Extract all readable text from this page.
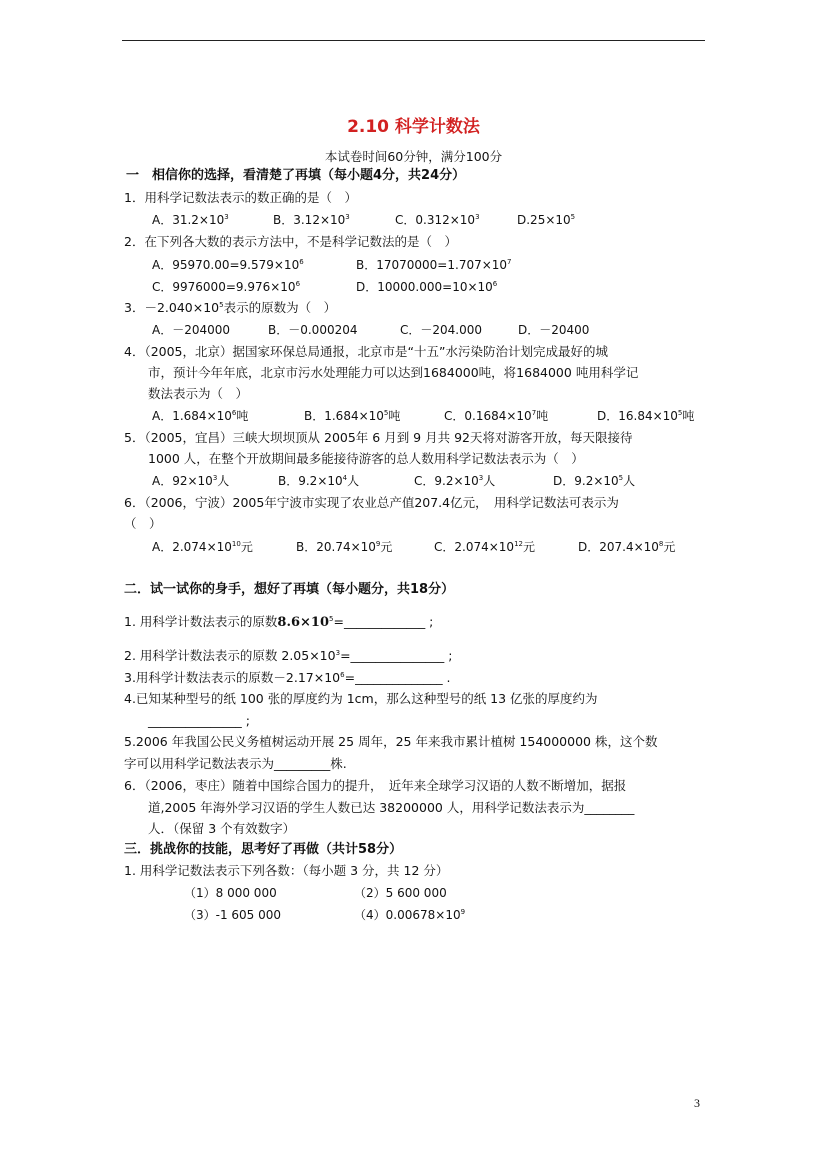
2.10 科学计数法
本试卷时间60分钟，满分100分
一　相信你的选择，看清楚了再填（每小题4分，共24分）
1．用科学记数法表示的数正确的是（　）
A．$31.2\times 10^3$	B．$3.12\times 10^3$	C．$0.312\times 10^3$	$D.25\times 10^5$
2．在下列各大数的表示方法中，不是科学记数法的是（　）
A．$95970.00=9.579\times 10^6$	B．$17070000=1.707\times 10^7$
C．$9976000=9.976\times 10^6$	D．$10000.000=10\times 10^6$
3．$-2.040\times 10^5$表示的原数为（　）
A．－204000	B．－0.000204	C．－204.000	D．－20400
4．（2005，北京）据国家环保总局通报，北京市是“十五”水污染防治计划完成最好的城
市，预计今年年底，北京市污水处理能力可以达到1684000吨，将1684000 吨用科学记
数法表示为（　）
A．$1.684\times 10^6$吨	B．$1.684\times 10^5$吨	C．$0.1684\times 10^7$吨	D．$16.84\times 10^5$吨
5．（2005，宜昌）三峡大坝坝顶从 2005年 6 月到 9 月共 92天将对游客开放，每天限接待
1000 人，在整个开放期间最多能接待游客的总人数用科学记数法表示为（　）
A．$92\times 10^3$人	B．$9.2\times 10^4$人	C．$9.2\times 10^3$人	D．$9.2\times 10^5$人
6．（2006，宁波）2005年宁波市实现了农业总产值207.4亿元，　用科学记数法可表示为
（　）
A．$2.074\times 10^{10}$元	B．$20.74\times 10^9$元	C．$2.074\times 10^{12}$元	D．$207.4\times 10^8$元
二．试一试你的身手，想好了再填（每小题分，共18分）
1. 用科学计数法表示的原数$8.6\times 10^5=\_\_\_\_\_\_\_\_\_\_\_\_\_$ ;
2. 用科学计数法表示的原数 $2.05\times 10^3=\_\_\_\_\_\_\_\_\_\_\_\_\_\_\_$ ;
3.用科学计数法表示的原数$-2.17\times 10^6=\_\_\_\_\_\_\_\_\_\_\_\_\_\_$ .
4.已知某种型号的纸 100 张的厚度约为 1cm，那么这种型号的纸 13 亿张的厚度约为
_______________ ;
5.2006 年我国公民义务植树运动开展 25 周年，25 年来我市累计植树 154000000 株，这个数
字可以用科学记数法表示为_________株.
6．（2006，枣庄）随着中国综合国力的提升，　近年来全球学习汉语的人数不断增加，据报
道,2005 年海外学习汉语的学生人数已达 38200000 人，用科学记数法表示为________
人．（保留 3 个有效数字）
三．挑战你的技能，思考好了再做（共计58分）
1. 用科学记数法表示下列各数：（每小题 3 分，共 12 分）
（1）8 000 000	（2）5 600 000
（3）-1 605 000	$(4)0.00678\times 10^9$
3
